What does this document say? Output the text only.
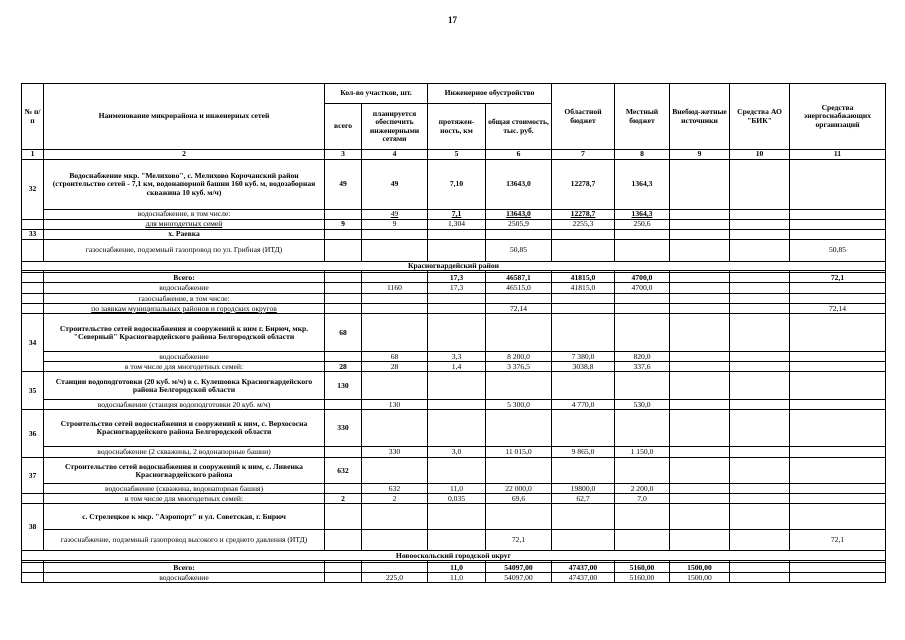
17
№ п/п	Наименование микрорайона и инженерных сетей	Кол-во участков, шт.		Инженерное обустройство		Областной бюджет	Местный бюджет	Внебюд-жетные источники	Средства АО "БИК"	Средства энергоснабжающих организаций
		всего	планируется обеспечить инженерными сетями	протяжен-ность, км	общая стоимость, тыс. руб.					
1	2	3	4	5	6	7	8	9	10	11
32	Водоснабжение мкр. "Мелихово", с. Мелихово Корочанский район (строительство сетей - 7,1 км, водонапорной башни 160 куб. м, водозаборная скважина 10 куб. м/ч)	49	49	7,10	13643,0	12278,7	1364,3			
	водоснабжение, в том числе:		49	7,1	13643,0	12278,7	1364,3			
	для многодетных семей	9	9	1,304	2505,9	2255,3	250,6			
33	х. Раевка									
	газоснабжение, подземный газопровод по ул. Грибная (ИТД)				50,85					50,85
Красногвардейский район										

	Всего:			17,3	46587,1	41815,0	4700,0			72,1
	водоснабжение		1160	17,3	46515,0	41815,0	4700,0			
	газоснабжение, в том числе:									
	по заявкам муниципальных районов и городских округов				72,14					72,14
34	Строительство сетей водоснабжения и сооружений к ним г. Бирюч, мкр. "Северный" Красногвардейского района Белгородской области	68								
	водоснабжение		68	3,3	8 200,0	7 380,0	820,0			
	в том числе для многодетных семей:	28	28	1,4	3 376,5	3038,8	337,6			
35	Станции водоподготовки (20 куб. м/ч) в с. Кулешовка Красногвардейского района Белгородской области	130								
	водоснабжение (станция водоподготовки 20 куб. м/ч)		130		5 300,0	4 770,0	530,0			
36	Строительство сетей водоснабжения и сооружений к ним, с. Верхососна Красногвардейского района Белгородской области	330								
	водоснабжение (2 скважины, 2 водонапорные башни)		330	3,0	11 015,0	9 865,0	1 150,0			
37	Строительство сетей водоснабжения и сооружений к ним, с. Ливенка Красногвардейского района	632								
	водоснабжение (скважина, водонапорная башня)		632	11,0	22 000,0	19800,0	2 200,0			
	в том числе для многодетных семей:	2	2	0,035	69,6	62,7	7,0			
38	с. Стрелецкое к мкр. "Аэропорт" и ул. Советская, г. Бирюч									
	газоснабжение, подземный газопровод высокого и среднего давления (ИТД)				72,1					72,1
Новооскольский городской округ										

	Всего:			11,0	54097,00	47437,00	5160,00	1500,00		
	водоснабжение		225,0	11,0	54097,00	47437,00	5160,00	1500,00		
